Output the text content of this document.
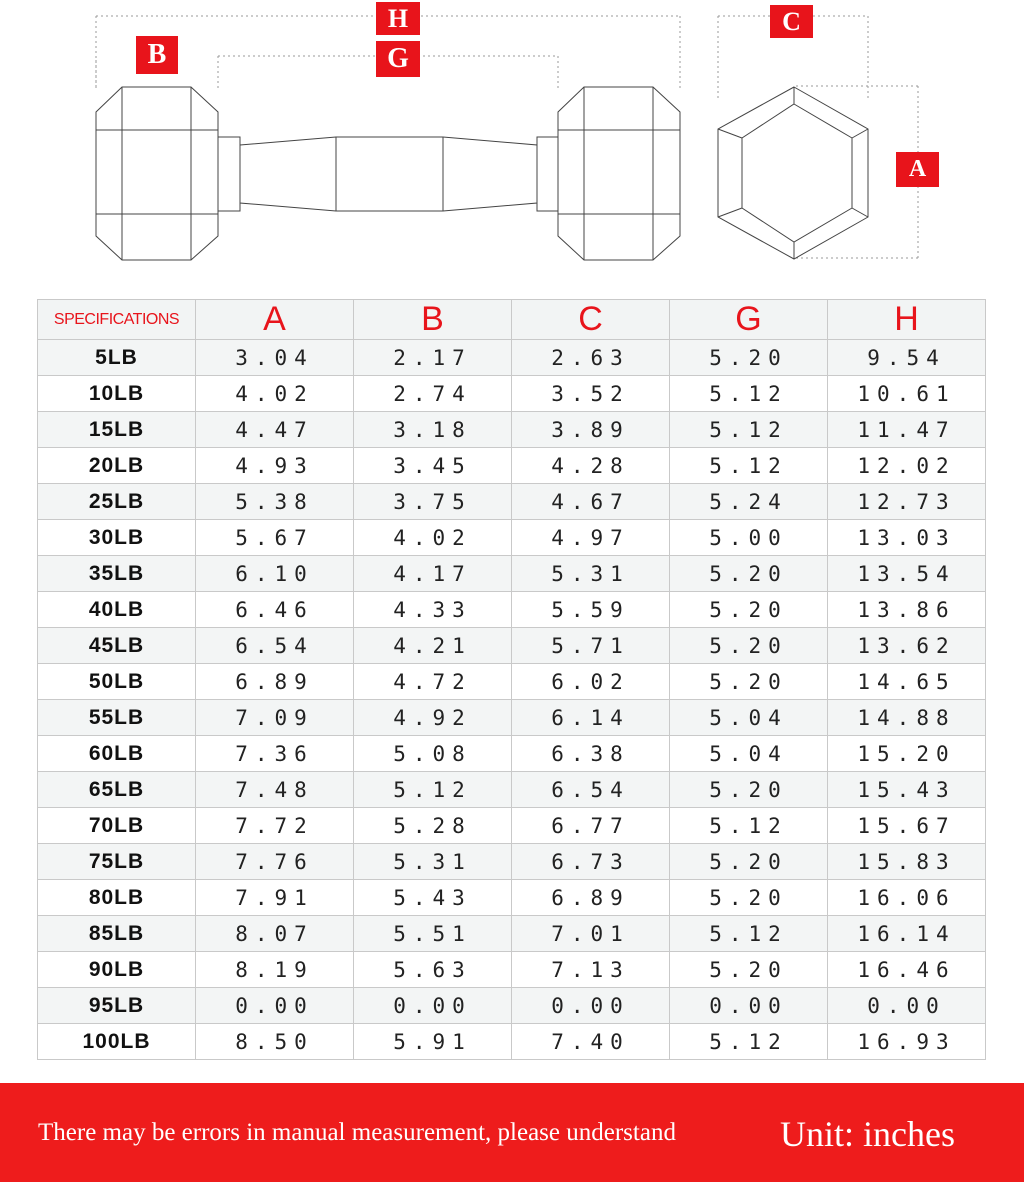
H
G
B
C
A
SPECIFICATIONS	A	B	C	G	H
5LB	3.04	2.17	2.63	5.20	9.54
10LB	4.02	2.74	3.52	5.12	10.61
15LB	4.47	3.18	3.89	5.12	11.47
20LB	4.93	3.45	4.28	5.12	12.02
25LB	5.38	3.75	4.67	5.24	12.73
30LB	5.67	4.02	4.97	5.00	13.03
35LB	6.10	4.17	5.31	5.20	13.54
40LB	6.46	4.33	5.59	5.20	13.86
45LB	6.54	4.21	5.71	5.20	13.62
50LB	6.89	4.72	6.02	5.20	14.65
55LB	7.09	4.92	6.14	5.04	14.88
60LB	7.36	5.08	6.38	5.04	15.20
65LB	7.48	5.12	6.54	5.20	15.43
70LB	7.72	5.28	6.77	5.12	15.67
75LB	7.76	5.31	6.73	5.20	15.83
80LB	7.91	5.43	6.89	5.20	16.06
85LB	8.07	5.51	7.01	5.12	16.14
90LB	8.19	5.63	7.13	5.20	16.46
95LB	0.00	0.00	0.00	0.00	0.00
100LB	8.50	5.91	7.40	5.12	16.93
There may be errors in manual measurement, please understand	Unit: inches
